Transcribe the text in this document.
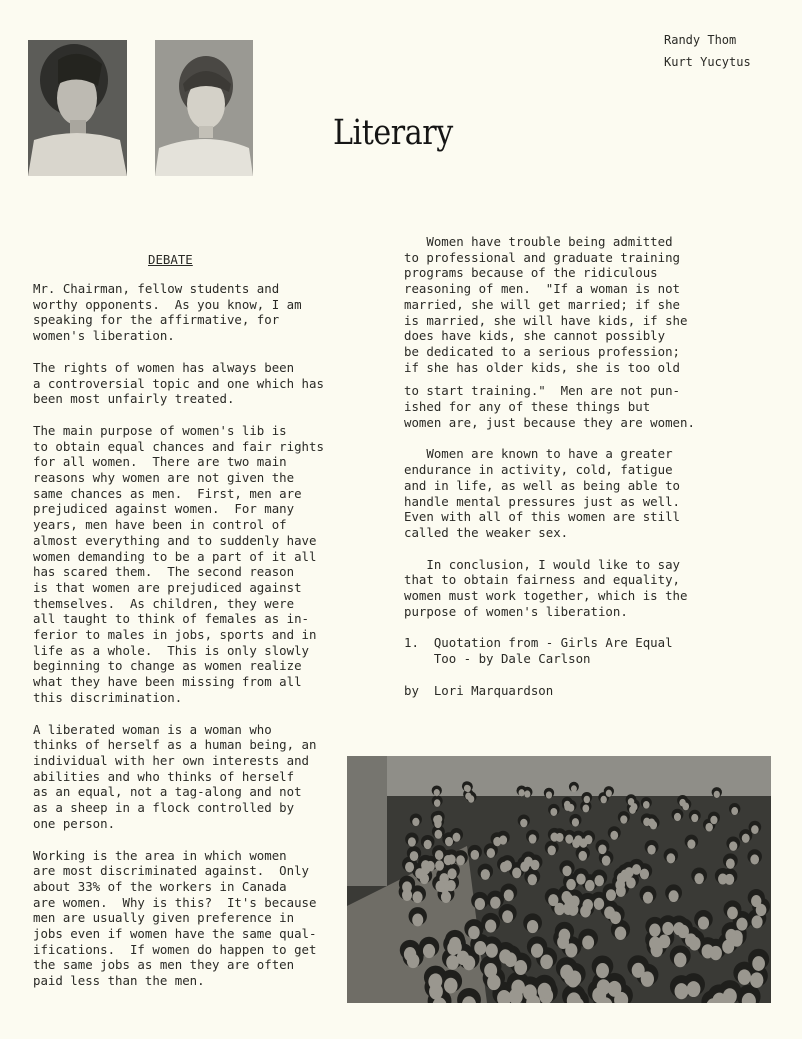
Randy Thom
Kurt Yucytus
Literary
DEBATE

Mr. Chairman, fellow students and
worthy opponents.  As you know, I am
speaking for the affirmative, for
women's liberation.

The rights of women has always been
a controversial topic and one which has
been most unfairly treated.

The main purpose of women's lib is
to obtain equal chances and fair rights
for all women.  There are two main
reasons why women are not given the
same chances as men.  First, men are
prejudiced against women.  For many
years, men have been in control of
almost everything and to suddenly have
women demanding to be a part of it all
has scared them.  The second reason
is that women are prejudiced against
themselves.  As children, they were
all taught to think of females as in-
ferior to males in jobs, sports and in
life as a whole.  This is only slowly
beginning to change as women realize
what they have been missing from all
this discrimination.

A liberated woman is a woman who
thinks of herself as a human being, an
individual with her own interests and
abilities and who thinks of herself
as an equal, not a tag-along and not
as a sheep in a flock controlled by
one person.

Working is the area in which women
are most discriminated against.  Only
about 33% of the workers in Canada
are women.  Why is this?  It's because
men are usually given preference in
jobs even if women have the same qual-
ifications.  If women do happen to get
the same jobs as men they are often
paid less than the men.

Women have trouble being admitted
to professional and graduate training
programs because of the ridiculous
reasoning of men.  "If a woman is not
married, she will get married; if she
is married, she will have kids, if she
does have kids, she cannot possibly
be dedicated to a serious profession;
if she has older kids, she is too old

to start training."  Men are not pun-
ished for any of these things but
women are, just because they are women.

Women are known to have a greater
endurance in activity, cold, fatigue
and in life, as well as being able to
handle mental pressures just as well.
Even with all of this women are still
called the weaker sex.

In conclusion, I would like to say
that to obtain fairness and equality,
women must work together, which is the
purpose of women's liberation.

1.  Quotation from - Girls Are Equal
Too - by Dale Carlson

by  Lori Marquardson
